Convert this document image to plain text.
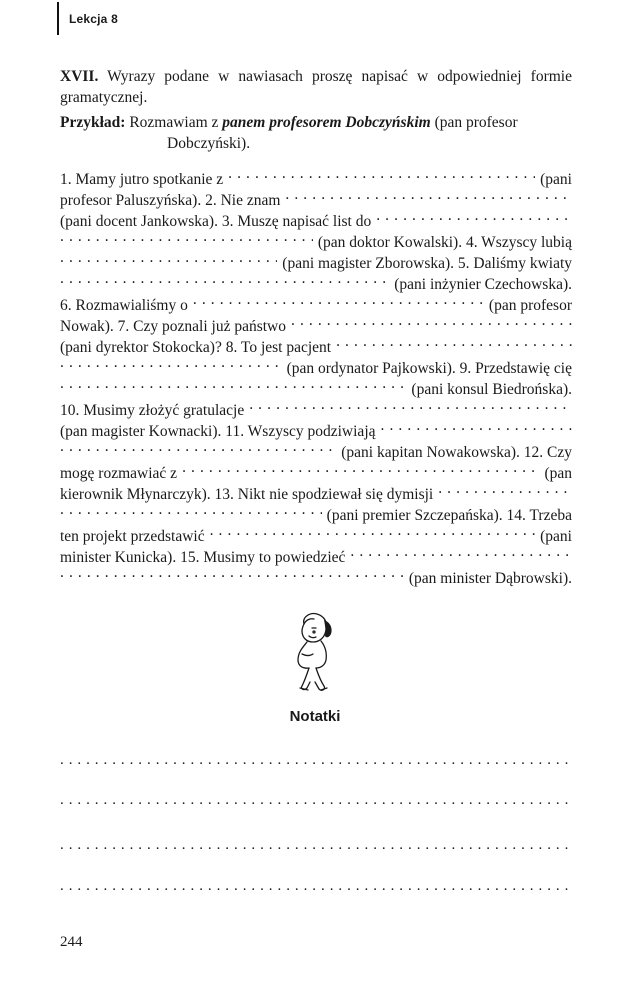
Lekcja 8
XVII. Wyrazy podane w nawiasach proszę napisać w odpowiedniej formie gramatycznej.
Przykład: Rozmawiam z panem profesorem Dobczyńskim (pan profesor
Dobczyński).
1. Mamy jutro spotkanie z . . .	(pani
profesor Paluszyńska). 2. Nie znam
. . .
(pani docent Jankowska). 3. Muszę napisać list do
. . .
. . .
(pan doktor Kowalski). 4. Wszyscy lubią
. . .
(pani magister Zborowska). 5. Daliśmy kwiaty
. . .
(pani inżynier Czechowska).
6. Rozmawialiśmy o . . .	(pan profesor
Nowak). 7. Czy poznali już państwo
. . .
(pani dyrektor Stokocka)? 8. To jest pacjent
. . .
. . .
(pan ordynator Pajkowski). 9. Przedstawię cię
. . .
(pani konsul Biedrońska).
10. Musimy złożyć gratulacje
. . .
(pan magister Kownacki). 11. Wszyscy podziwiają
. . .
. . .
(pani kapitan Nowakowska). 12. Czy
mogę rozmawiać z . . .	(pan
kierownik Młynarczyk). 13. Nikt nie spodziewał się dymisji
. . .
. . .
(pani premier Szczepańska). 14. Trzeba
ten projekt przedstawić . . .	(pani
minister Kunicka). 15. Musimy to powiedzieć
. . .
. . .
(pan minister Dąbrowski).
Notatki
. . .
. . .
. . .
. . .
244
